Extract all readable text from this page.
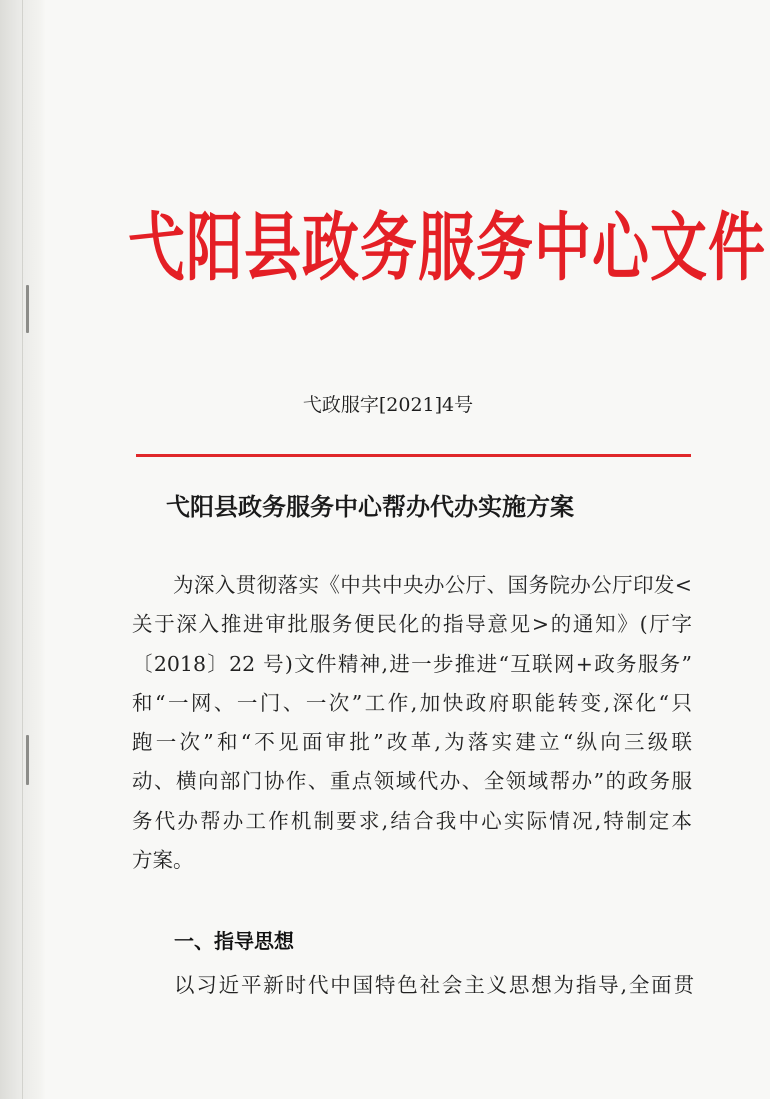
弋阳县政务服务中心文件
弋政服字[2021]4号
弋阳县政务服务中心帮办代办实施方案
为深入贯彻落实《中共中央办公厅、国务院办公厅印发<
关于深入推进审批服务便民化的指导意见>的通知》(厅字
〔2018〕22 号)文件精神,进一步推进“互联网+政务服务”
和“一网、一门、一次”工作,加快政府职能转变,深化“只
跑一次”和“不见面审批”改革,为落实建立“纵向三级联
动、横向部门协作、重点领域代办、全领域帮办”的政务服
务代办帮办工作机制要求,结合我中心实际情况,特制定本
方案。
一、指导思想
以习近平新时代中国特色社会主义思想为指导,全面贯
